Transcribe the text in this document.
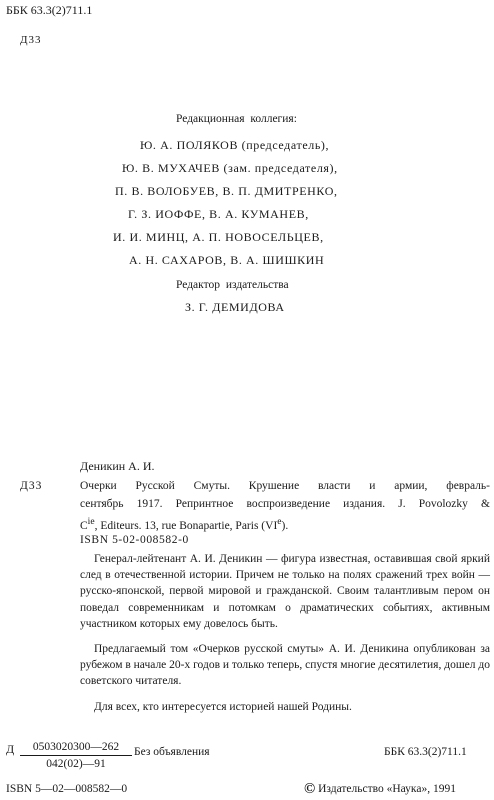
ББК 63.3(2)711.1
Д33
Редакционная коллегия:
Ю. А. ПОЛЯКОВ (председатель),
Ю. В. МУХАЧЕВ (зам. председателя),
П. В. ВОЛОБУЕВ, В. П. ДМИТРЕНКО,
Г. З. ИОФФЕ, В. А. КУМАНЕВ,
И. И. МИНЦ, А. П. НОВОСЕЛЬЦЕВ,
А. Н. САХАРОВ, В. А. ШИШКИН
Редактор издательства
З. Г. ДЕМИДОВА
Деникин А. И.
Д33	Очерки Русской Смуты. Крушение власти и армии, февраль-

сентябрь 1917. Репринтное воспроизведение издания. J. Povolozky &

$C^{ie}$, Editeurs. 13, rue Bonapartie, Paris (VIe).

ISBN 5-02-008582-0

Генерал-лейтенант А. И. Деникин — фигура известная, оставившая свой яркий след в отечественной истории. Причем не только на полях сражений трех войн — русско-японской, первой мировой и гражданской. Своим талантливым пером он поведал современникам и потомкам о драматических событиях, активным участником которых ему довелось быть.

Предлагаемый том «Очерков русской смуты» А. И. Деникина опубликован за рубежом в начале 20-х годов и только теперь, спустя многие десятилетия, дошел до советского читателя.

Для всех, кто интересуется историей нашей Родины.

Д $\frac{0503020300—262}{042(02)—91}$ Без объявления	ББК 63.3(2)711.1
ISBN 5—02—008582—0	© Издательство «Наука», 1991
